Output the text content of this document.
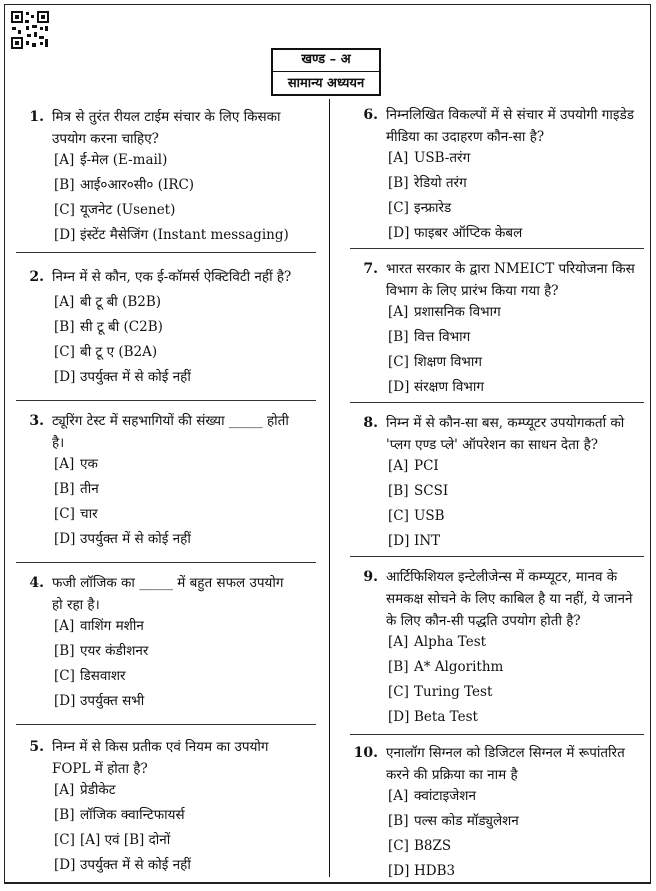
खण्ड – अ
सामान्य अध्ययन
1. मित्र से तुरंत रीयल टाईम संचार के लिए किसका
उपयोग करना चाहिए?
[A] ई-मेल (E-mail)
[B] आई०आर०सी० (IRC)
[C] यूजनेट (Usenet)
[D] इंस्टेंट मैसेजिंग (Instant messaging)
2. निम्न में से कौन, एक ई-कॉमर्स ऐक्टिविटी नहीं है?
[A] बी टू बी (B2B)
[B] सी टू बी (C2B)
[C] बी टू ए (B2A)
[D] उपर्युक्त में से कोई नहीं
3. ट्यूरिंग टेस्ट में सहभागियों की संख्या _____ होती
है।
[A] एक
[B] तीन
[C] चार
[D] उपर्युक्त में से कोई नहीं
4. फजी लॉजिक का _____ में बहुत सफल उपयोग
हो रहा है।
[A] वाशिंग मशीन
[B] एयर कंडीशनर
[C] डिसवाशर
[D] उपर्युक्त सभी
5. निम्न में से किस प्रतीक एवं नियम का उपयोग
FOPL में होता है?
[A] प्रेडीकेट
[B] लॉजिक क्वान्टिफायर्स
[C] [A] एवं [B] दोनों
[D] उपर्युक्त में से कोई नहीं
6. निम्नलिखित विकल्पों में से संचार में उपयोगी गाइडेड
मीडिया का उदाहरण कौन-सा है?
[A] USB-तरंग
[B] रेडियो तरंग
[C] इन्फ्रारेड
[D] फाइबर ऑप्टिक केबल
7. भारत सरकार के द्वारा NMEICT परियोजना किस
विभाग के लिए प्रारंभ किया गया है?
[A] प्रशासनिक विभाग
[B] वित्त विभाग
[C] शिक्षण विभाग
[D] संरक्षण विभाग
8. निम्न में से कौन-सा बस, कम्प्यूटर उपयोगकर्ता को
'प्लग एण्ड प्ले' ऑपरेशन का साधन देता है?
[A] PCI
[B] SCSI
[C] USB
[D] INT
9. आर्टिफिशियल इन्टेलीजेन्स में कम्प्यूटर, मानव के
समकक्ष सोचने के लिए काबिल है या नहीं, ये जानने
के लिए कौन-सी पद्धति उपयोग होती है?
[A] Alpha Test
[B] A* Algorithm
[C] Turing Test
[D] Beta Test
10. एनालॉग सिग्नल को डिजिटल सिग्नल में रूपांतरित
करने की प्रक्रिया का नाम है
[A] क्वांटाइजेशन
[B] पल्स कोड मॉड्युलेशन
[C] B8ZS
[D] HDB3
